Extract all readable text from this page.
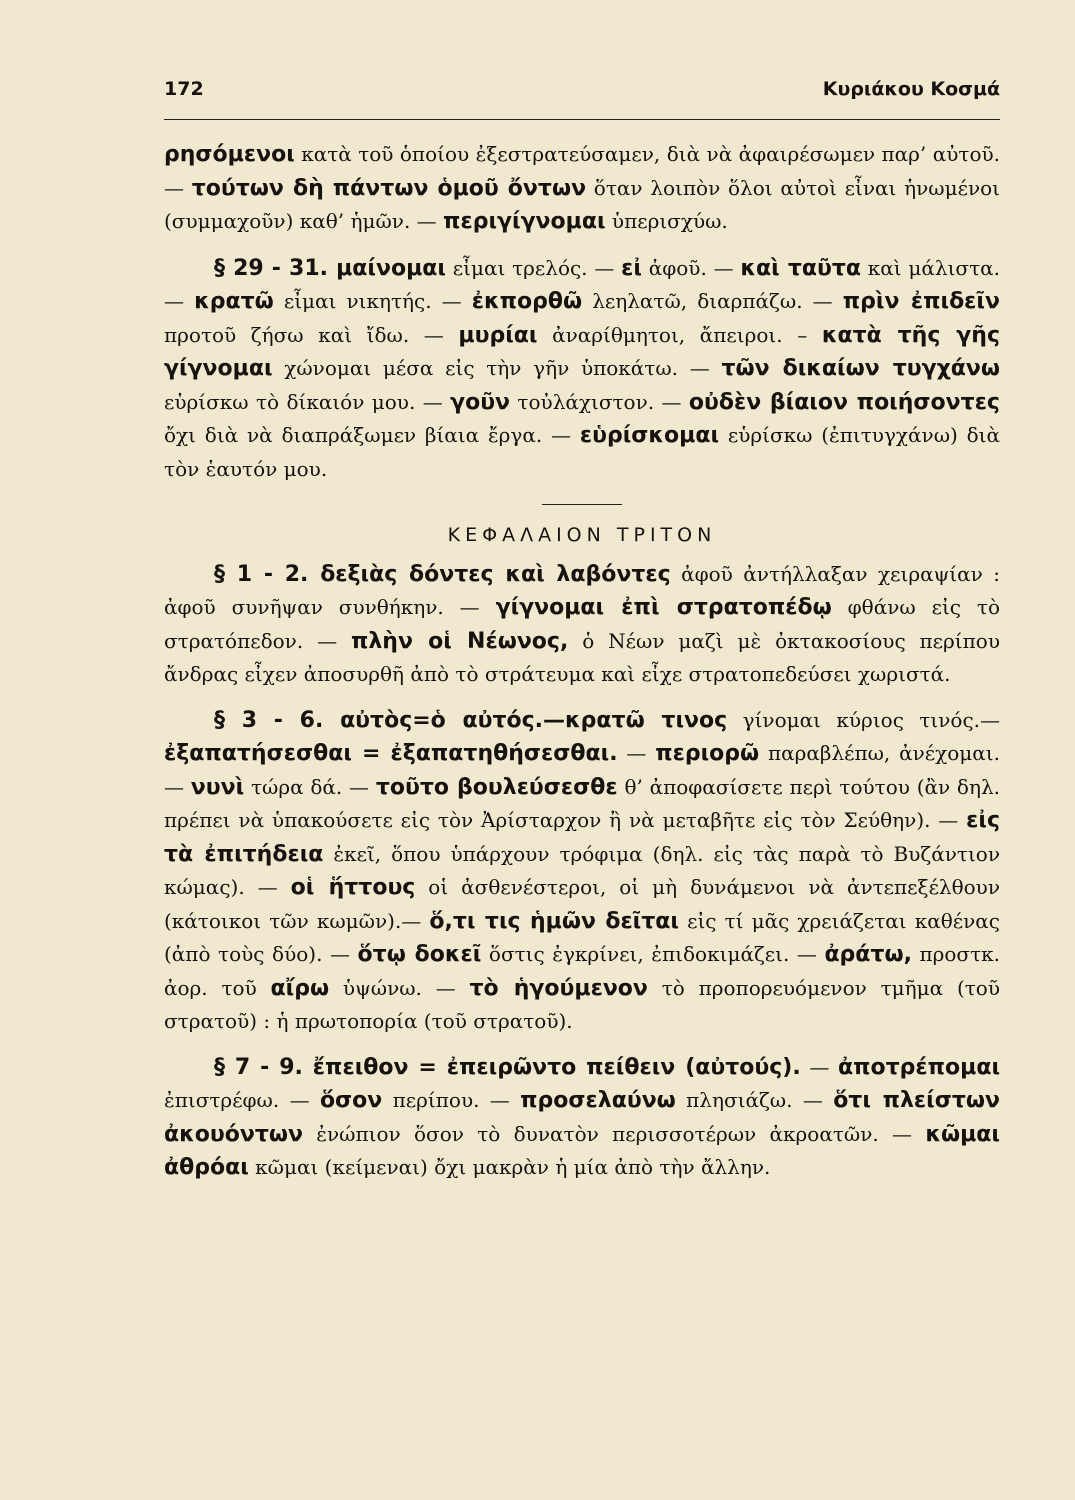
172	Κυριάκου Κοσμά

ρησόμενοι κατὰ τοῦ ὁποίου ἐξεστρατεύσαμεν, διὰ νὰ ἀφαιρέσωμεν παρ’ αὐτοῦ. — τούτων δὴ πάντων ὁμοῦ ὄντων ὅταν λοιπὸν ὅλοι αὐτοὶ εἶναι ἡνωμένοι (συμμαχοῦν) καθ’ ἡμῶν. — περιγίγνομαι ὑπερισχύω.

§ 29 - 31. μαίνομαι εἶμαι τρελός. — εἰ ἀφοῦ. — καὶ ταῦτα καὶ μάλιστα. — κρατῶ εἶμαι νικητής. — ἐκπορθῶ λεηλατῶ, διαρπάζω. — πρὶν ἐπιδεῖν προτοῦ ζήσω καὶ ἴδω. — μυρίαι ἀναρίθμητοι, ἄπειροι. – κατὰ τῆς γῆς γίγνομαι χώνομαι μέσα εἰς τὴν γῆν ὑποκάτω. — τῶν δικαίων τυγχάνω εὑρίσκω τὸ δίκαιόν μου. — γοῦν τοὐλάχιστον. — οὐδὲν βίαιον ποιήσοντες ὄχι διὰ νὰ διαπράξωμεν βίαια ἔργα. — εὑρίσκομαι εὑρίσκω (ἐπιτυγχάνω) διὰ τὸν ἑαυτόν μου.

ΚΕΦΑΛΑΙΟΝ ΤΡΙΤΟΝ

§ 1 - 2. δεξιὰς δόντες καὶ λαβόντες ἀφοῦ ἀντήλλαξαν χειραψίαν : ἀφοῦ συνῆψαν συνθήκην. — γίγνομαι ἐπὶ στρατοπέδῳ φθάνω εἰς τὸ στρατόπεδον. — πλὴν οἱ Νέωνος, ὁ Νέων μαζὶ μὲ ὀκτακοσίους περίπου ἄνδρας εἶχεν ἀποσυρθῆ ἀπὸ τὸ στράτευμα καὶ εἶχε στρατοπεδεύσει χωριστά.

§ 3 - 6. αὐτὸς=ὁ αὐτός.—κρατῶ τινος γίνομαι κύριος τινός.— ἐξαπατήσεσθαι = ἐξαπατηθήσεσθαι. — περιορῶ παραβλέπω, ἀνέχομαι. — νυνὶ τώρα δά. — τοῦτο βουλεύσεσθε θ’ ἀποφασίσετε περὶ τούτου (ἂν δηλ. πρέπει νὰ ὑπακούσετε εἰς τὸν Ἀρίσταρχον ἢ νὰ μεταβῆτε εἰς τὸν Σεύθην). — εἰς τὰ ἐπιτήδεια ἐκεῖ, ὅπου ὑπάρχουν τρόφιμα (δηλ. εἰς τὰς παρὰ τὸ Βυζάντιον κώμας). — οἱ ἥττους οἱ ἀσθενέστεροι, οἱ μὴ δυνάμενοι νὰ ἀντεπεξέλθουν (κάτοικοι τῶν κωμῶν).— ὅ,τι τις ἡμῶν δεῖται εἰς τί μᾶς χρειάζεται καθένας (ἀπὸ τοὺς δύο). — ὅτῳ δοκεῖ ὅστις ἐγκρίνει, ἐπιδοκιμάζει. — ἀράτω, προστκ. ἀορ. τοῦ αἴρω ὑψώνω. — τὸ ἡγούμενον τὸ προπορευόμενον τμῆμα (τοῦ στρατοῦ) : ἡ πρωτοπορία (τοῦ στρατοῦ).

§ 7 - 9. ἔπειθον = ἐπειρῶντο πείθειν (αὐτούς). — ἀποτρέπομαι ἐπιστρέφω. — ὅσον περίπου. — προσελαύνω πλησιάζω. — ὅτι πλείστων ἀκουόντων ἐνώπιον ὅσον τὸ δυνατὸν περισσοτέρων ἀκροατῶν. — κῶμαι ἀθρόαι κῶμαι (κείμεναι) ὄχι μακρὰν ἡ μία ἀπὸ τὴν ἄλλην.
